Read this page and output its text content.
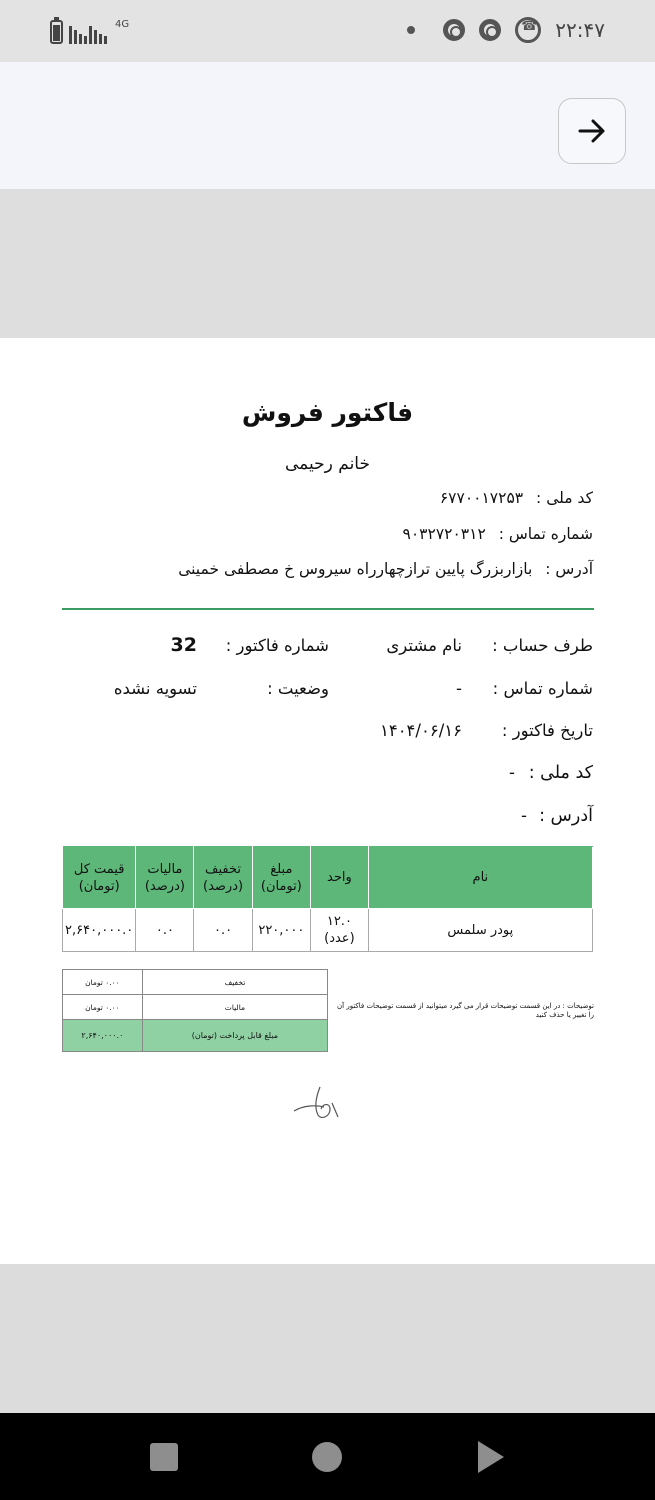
4G ☎	۲۲:۴۷
فاکتور فروش
خانم رحیمی
کد ملی : ۶۷۷۰۰۱۷۲۵۳
شماره تماس : ۹۰۳۲۷۲۰۳۱۲
آدرس : بازاربزرگ پایین ترازچهارراه سیروس خ مصطفی خمینی
طرف حساب :
نام مشتری
شماره فاکتور :
32
شماره تماس :
-
وضعیت :
تسویه نشده
تاریخ فاکتور :
۱۴۰۴/۰۶/۱۶
کد ملی :
-
آدرس :
-
نام	واحد	مبلغ (تومان)	تخفیف (درصد)	مالیات (درصد)	قیمت کل (تومان)
پودر سلمس	۱۲.۰ (عدد)	۲۲۰,۰۰۰	۰.۰	۰.۰	۲,۶۴۰,۰۰۰.۰
تخفیف	۰.۰۰ تومان
مالیات	۰.۰۰ تومان
مبلغ قابل پرداخت (تومان)	۲,۶۴۰,۰۰۰.۰
توضیحات : در این قسمت توضیحات قرار می گیرد میتوانید از قسمت توضیحات فاکتور آن را تغییر یا حذف کنید
